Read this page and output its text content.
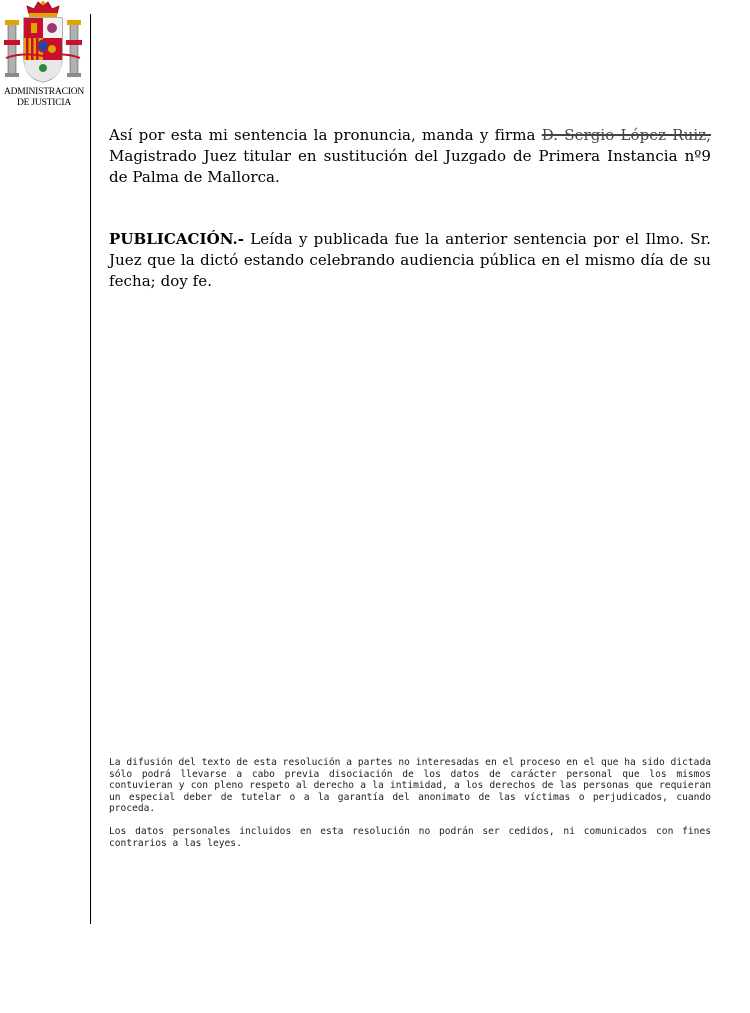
ADMINISTRACION
DE JUSTICIA
Así por esta mi sentencia la pronuncia, manda y firma D. Sergio López Ruiz, Magistrado Juez titular en sustitución del Juzgado de Primera Instancia nº9 de Palma de Mallorca.
PUBLICACIÓN.- Leída y publicada fue la anterior sentencia por el Ilmo. Sr. Juez que la dictó estando celebrando audiencia pública en el mismo día de su fecha; doy fe.
La difusión del texto de esta resolución a partes no interesadas en el proceso en el que ha sido dictada sólo podrá llevarse a cabo previa disociación de los datos de carácter personal que los mismos contuvieran y con pleno respeto al derecho a la intimidad, a los derechos de las personas que requieran un especial deber de tutelar o a la garantía del anonimato de las víctimas o perjudicados, cuando proceda.
Los datos personales incluidos en esta resolución no podrán ser cedidos, ni comunicados con fines contrarios a las leyes.
